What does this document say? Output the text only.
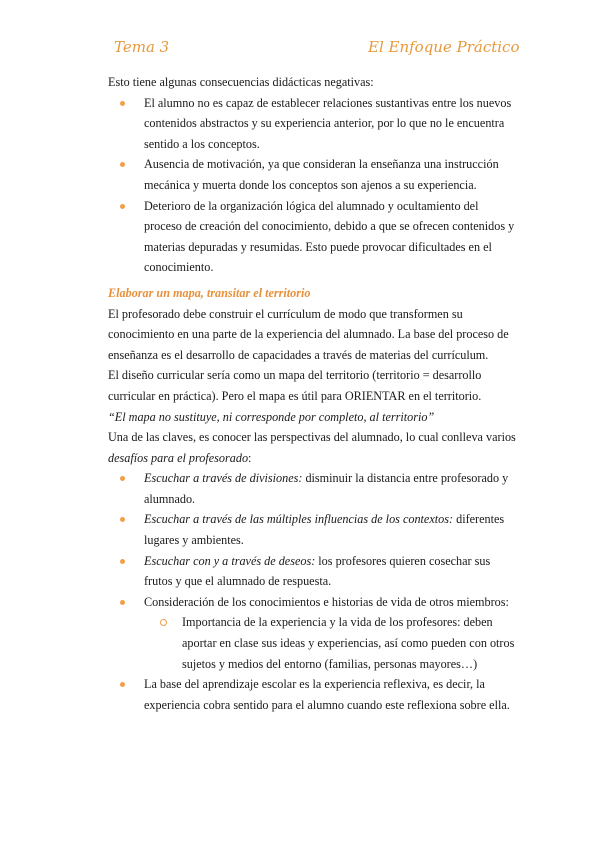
Tema 3	El Enfoque Práctico

Esto tiene algunas consecuencias didácticas negativas:

El alumno no es capaz de establecer relaciones sustantivas entre los nuevos contenidos abstractos y su experiencia anterior, por lo que no le encuentra sentido a los conceptos.
Ausencia de motivación, ya que consideran la enseñanza una instrucción mecánica y muerta donde los conceptos son ajenos a su experiencia.
Deterioro de la organización lógica del alumnado y ocultamiento del proceso de creación del conocimiento, debido a que se ofrecen contenidos y materias depuradas y resumidas. Esto puede provocar dificultades en el conocimiento.

Elaborar un mapa, transitar el territorio

El profesorado debe construir el currículum de modo que transformen su conocimiento en una parte de la experiencia del alumnado. La base del proceso de enseñanza es el desarrollo de capacidades a través de materias del currículum.

El diseño curricular sería como un mapa del territorio (territorio = desarrollo curricular en práctica). Pero el mapa es útil para ORIENTAR en el territorio.

“El mapa no sustituye, ni corresponde por completo, al territorio”

Una de las claves, es conocer las perspectivas del alumnado, lo cual conlleva varios desafíos para el profesorado:

Escuchar a través de divisiones: disminuir la distancia entre profesorado y alumnado.
Escuchar a través de las múltiples influencias de los contextos: diferentes lugares y ambientes.
Escuchar con y a través de deseos: los profesores quieren cosechar sus frutos y que el alumnado de respuesta.
Consideración de los conocimientos e historias de vida de otros miembros:
Importancia de la experiencia y la vida de los profesores: deben aportar en clase sus ideas y experiencias, así como pueden con otros sujetos y medios del entorno (familias, personas mayores…)
La base del aprendizaje escolar es la experiencia reflexiva, es decir, la experiencia cobra sentido para el alumno cuando este reflexiona sobre ella.
